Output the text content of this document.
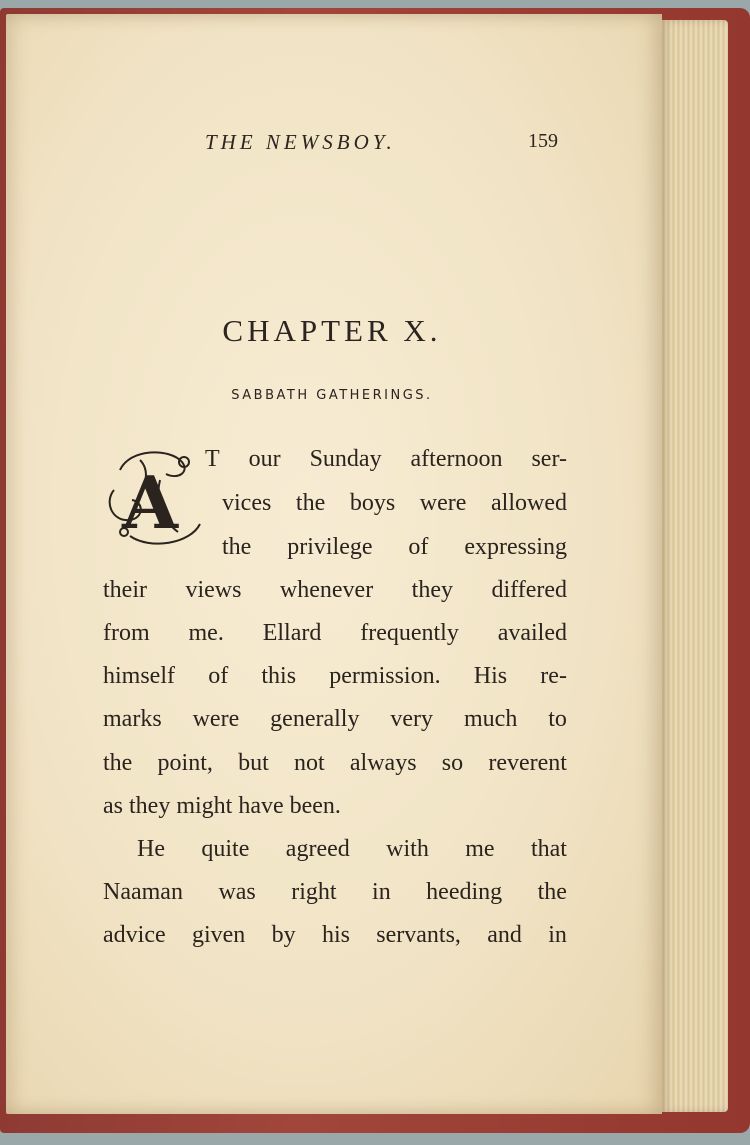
THE NEWSBOY.	159
CHAPTER X.
SABBATH GATHERINGS.
A
T our Sunday afternoon ser-
vices the boys were allowed
the privilege of expressing
their views whenever they differed
from me. Ellard frequently availed
himself of this permission. His re-
marks were generally very much to
the point, but not always so reverent
as they might have been.
He quite agreed with me that
Naaman was right in heeding the
advice given by his servants, and in
